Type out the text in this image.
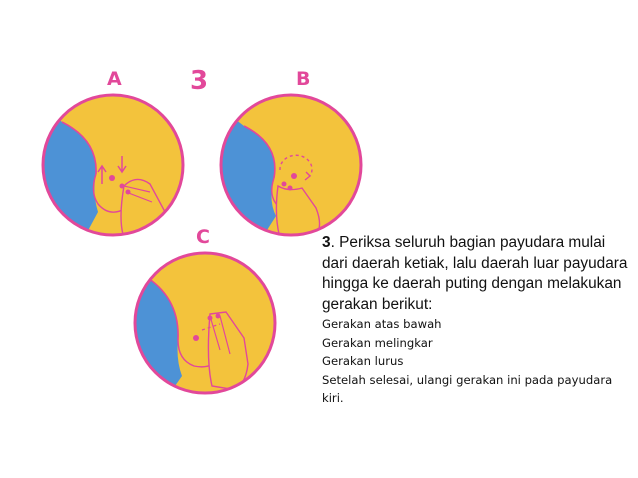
3
A	B
C	3. Periksa seluruh bagian payudara mulai dari daerah ketiak, lalu daerah luar payudara hingga ke daerah puting dengan melakukan gerakan berikut:

Gerakan atas bawah

Gerakan melingkar

Gerakan lurus

Setelah selesai, ulangi gerakan ini pada payudara kiri.
